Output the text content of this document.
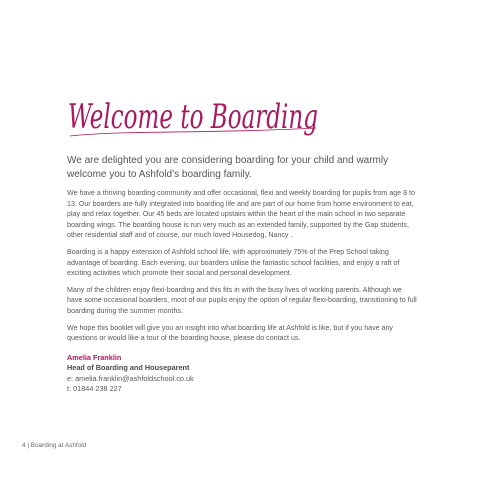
Welcome to Boarding

We are delighted you are considering boarding for your child and warmly welcome you to Ashfold’s boarding family.

We have a thriving boarding community and offer occasional, flexi and weekly boarding for pupils from age 8 to 13. Our boarders are fully integrated into boarding life and are part of our home from home environment to eat, play and relax together. Our 45 beds are located upstairs within the heart of the main school in two separate boarding wings. The boarding house is run very much as an extended family, supported by the Gap students, other residential staff and of course, our much loved Housedog, Nancy .

Boarding is a happy extension of Ashfold school life, with approximately 75% of the Prep School taking advantage of boarding. Each evening, our boarders utilise the fantastic school facilities, and enjoy a raft of exciting activities which promote their social and personal development.

Many of the children enjoy flexi-boarding and this fits in with the busy lives of working parents. Although we have some occasional boarders, most of our pupils enjoy the option of regular flexi-boarding, transitioning to full boarding during the summer months.

We hope this booklet will give you an insight into what boarding life at Ashfold is like, but if you have any questions or would like a tour of the boarding house, please do contact us.

Amelia Franklin
Head of Boarding and Houseparent
e: amelia.franklin@ashfoldschool.co.uk
t: 01844 238 227
4 | Boarding at Ashfold
